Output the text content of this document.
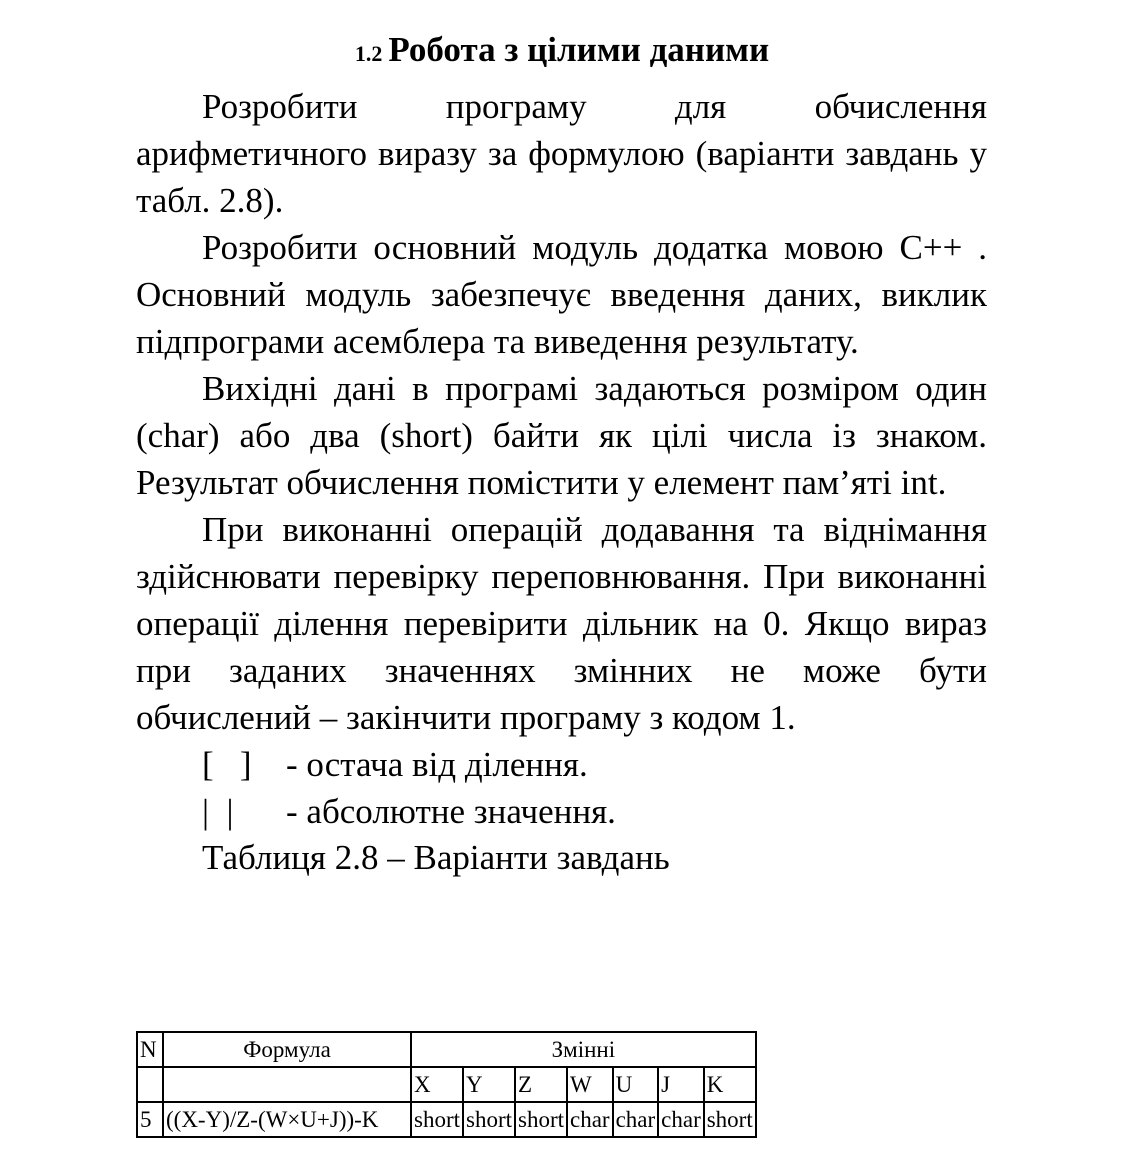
1.2 Робота з цілими даними

Розробити програму для обчислення арифметичного виразу за формулою (варіанти завдань у табл. 2.8).

Розробити основний модуль додатка мовою C++ . Основний модуль забезпечує введення даних, виклик підпрограми асемблера та виведення результату.

Вихідні дані в програмі задаються розміром один (char) або два (short) байти як цілі числа із знаком. Результат обчислення помістити у елемент пам’яті int.

При виконанні операцій додавання та віднімання здійснювати перевірку переповнювання. При виконанні операції ділення перевірити дільник на 0. Якщо вираз при заданих значеннях змінних не може бути обчислений – закінчити програму з кодом 1.

[   ] - остача від ділення.
|  |	- абсолютне значення.

Таблиця 2.8 – Варіанти завдань

N	Формула	Змінні						
		X	Y	Z	W	U	J	K
5	((X-Y)/Z-(W×U+J))-K	short	short	short	char	char	char	short
